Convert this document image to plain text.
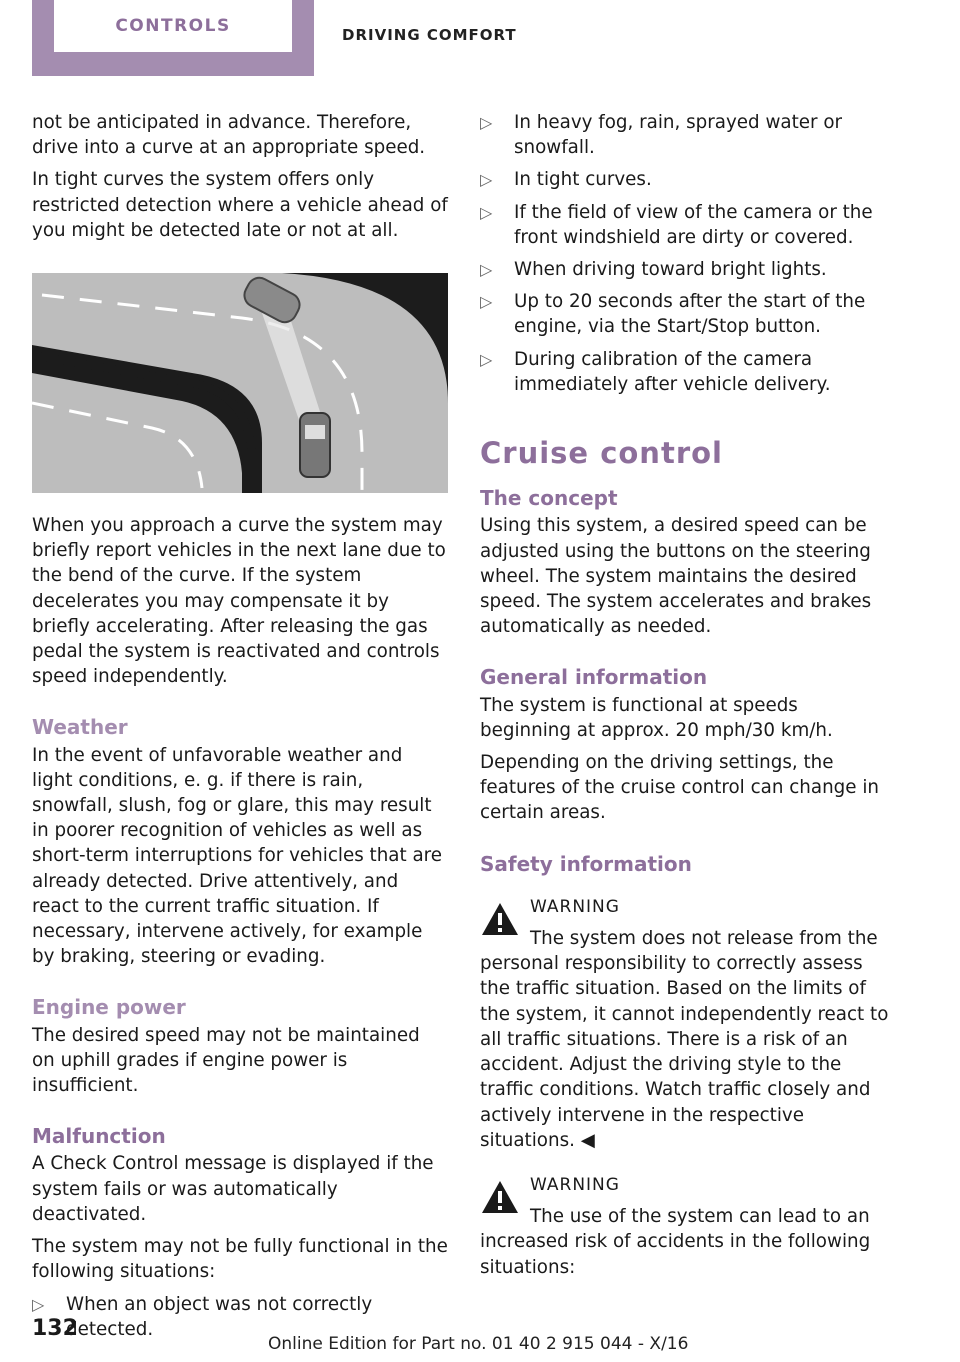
CONTROLS	DRIVING COMFORT

not be anticipated in advance. Therefore, drive into a curve at an appropriate speed.

In tight curves the system offers only restricted detection where a vehicle ahead of you might be detected late or not at all.

When you approach a curve the system may briefly report vehicles in the next lane due to the bend of the curve. If the system decelerates you may compensate it by briefly accelerating. After releasing the gas pedal the system is reactivated and controls speed independently.

Weather

In the event of unfavorable weather and light conditions, e. g. if there is rain, snowfall, slush, fog or glare, this may result in poorer recognition of vehicles as well as short-term interruptions for vehicles that are already detected. Drive attentively, and react to the current traffic situation. If necessary, intervene actively, for example by braking, steering or evading.

Engine power

The desired speed may not be maintained on uphill grades if engine power is insufficient.

Malfunction

A Check Control message is displayed if the system fails or was automatically deactivated.

The system may not be fully functional in the following situations:

▷ When an object was not correctly detected.
▷ In heavy fog, rain, sprayed water or snowfall.
▷ In tight curves.
▷ If the field of view of the camera or the front windshield are dirty or covered.
▷ When driving toward bright lights.
▷ Up to 20 seconds after the start of the engine, via the Start/Stop button.
▷ During calibration of the camera immediately after vehicle delivery.
Cruise control
The concept

Using this system, a desired speed can be adjusted using the buttons on the steering wheel. The system maintains the desired speed. The system accelerates and brakes automatically as needed.

General information

The system is functional at speeds beginning at approx. 20 mph/30 km/h.

Depending on the driving settings, the features of the cruise control can change in certain areas.

Safety information
WARNING

The system does not release from the personal responsibility to correctly assess the traffic situation. Based on the limits of the system, it cannot independently react to all traffic situations. There is a risk of an accident. Adjust the driving style to the traffic conditions. Watch traffic closely and actively intervene in the respective situations. ◀

WARNING

The use of the system can lead to an increased risk of accidents in the following situations:

132
Online Edition for Part no. 01 40 2 915 044 - X/16
